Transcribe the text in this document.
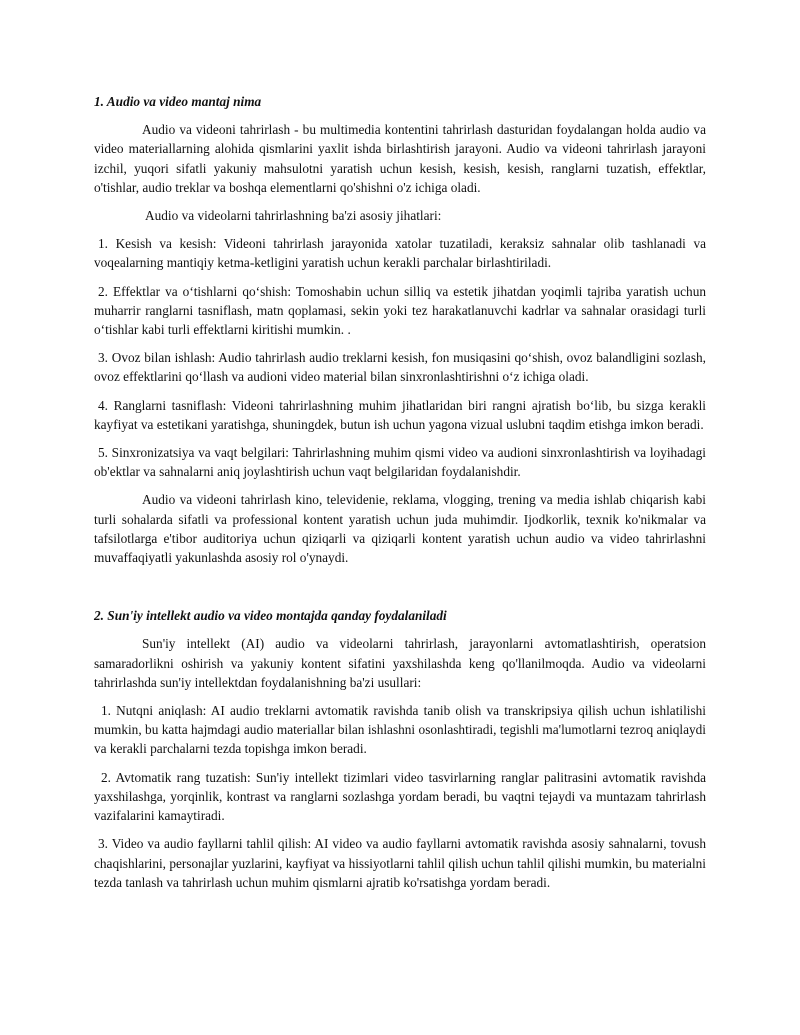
1. Audio va video mantaj nima

Audio va videoni tahrirlash - bu multimedia kontentini tahrirlash dasturidan foydalangan holda audio va video materiallarning alohida qismlarini yaxlit ishda birlashtirish jarayoni. Audio va videoni tahrirlash jarayoni izchil, yuqori sifatli yakuniy mahsulotni yaratish uchun kesish, kesish, kesish, ranglarni tuzatish, effektlar, o'tishlar, audio treklar va boshqa elementlarni qo'shishni o'z ichiga oladi.

Audio va videolarni tahrirlashning ba'zi asosiy jihatlari:

1. Kesish va kesish: Videoni tahrirlash jarayonida xatolar tuzatiladi, keraksiz sahnalar olib tashlanadi va voqealarning mantiqiy ketma-ketligini yaratish uchun kerakli parchalar birlashtiriladi.

2. Effektlar va o‘tishlarni qo‘shish: Tomoshabin uchun silliq va estetik jihatdan yoqimli tajriba yaratish uchun muharrir ranglarni tasniflash, matn qoplamasi, sekin yoki tez harakatlanuvchi kadrlar va sahnalar orasidagi turli o‘tishlar kabi turli effektlarni kiritishi mumkin. .

3. Ovoz bilan ishlash: Audio tahrirlash audio treklarni kesish, fon musiqasini qo‘shish, ovoz balandligini sozlash, ovoz effektlarini qo‘llash va audioni video material bilan sinxronlashtirishni o‘z ichiga oladi.

4. Ranglarni tasniflash: Videoni tahrirlashning muhim jihatlaridan biri rangni ajratish bo‘lib, bu sizga kerakli kayfiyat va estetikani yaratishga, shuningdek, butun ish uchun yagona vizual uslubni taqdim etishga imkon beradi.

5. Sinxronizatsiya va vaqt belgilari: Tahrirlashning muhim qismi video va audioni sinxronlashtirish va loyihadagi ob'ektlar va sahnalarni aniq joylashtirish uchun vaqt belgilaridan foydalanishdir.

Audio va videoni tahrirlash kino, televidenie, reklama, vlogging, trening va media ishlab chiqarish kabi turli sohalarda sifatli va professional kontent yaratish uchun juda muhimdir. Ijodkorlik, texnik ko'nikmalar va tafsilotlarga e'tibor auditoriya uchun qiziqarli va qiziqarli kontent yaratish uchun audio va video tahrirlashni muvaffaqiyatli yakunlashda asosiy rol o'ynaydi.

2. Sun'iy intellekt audio va video montajda qanday foydalaniladi

Sun'iy intellekt (AI) audio va videolarni tahrirlash, jarayonlarni avtomatlashtirish, operatsion samaradorlikni oshirish va yakuniy kontent sifatini yaxshilashda keng qo'llanilmoqda. Audio va videolarni tahrirlashda sun'iy intellektdan foydalanishning ba'zi usullari:

1. Nutqni aniqlash: AI audio treklarni avtomatik ravishda tanib olish va transkripsiya qilish uchun ishlatilishi mumkin, bu katta hajmdagi audio materiallar bilan ishlashni osonlashtiradi, tegishli ma'lumotlarni tezroq aniqlaydi va kerakli parchalarni tezda topishga imkon beradi.

2. Avtomatik rang tuzatish: Sun'iy intellekt tizimlari video tasvirlarning ranglar palitrasini avtomatik ravishda yaxshilashga, yorqinlik, kontrast va ranglarni sozlashga yordam beradi, bu vaqtni tejaydi va muntazam tahrirlash vazifalarini kamaytiradi.

3. Video va audio fayllarni tahlil qilish: AI video va audio fayllarni avtomatik ravishda asosiy sahnalarni, tovush chaqishlarini, personajlar yuzlarini, kayfiyat va hissiyotlarni tahlil qilish uchun tahlil qilishi mumkin, bu materialni tezda tanlash va tahrirlash uchun muhim qismlarni ajratib ko'rsatishga yordam beradi.
